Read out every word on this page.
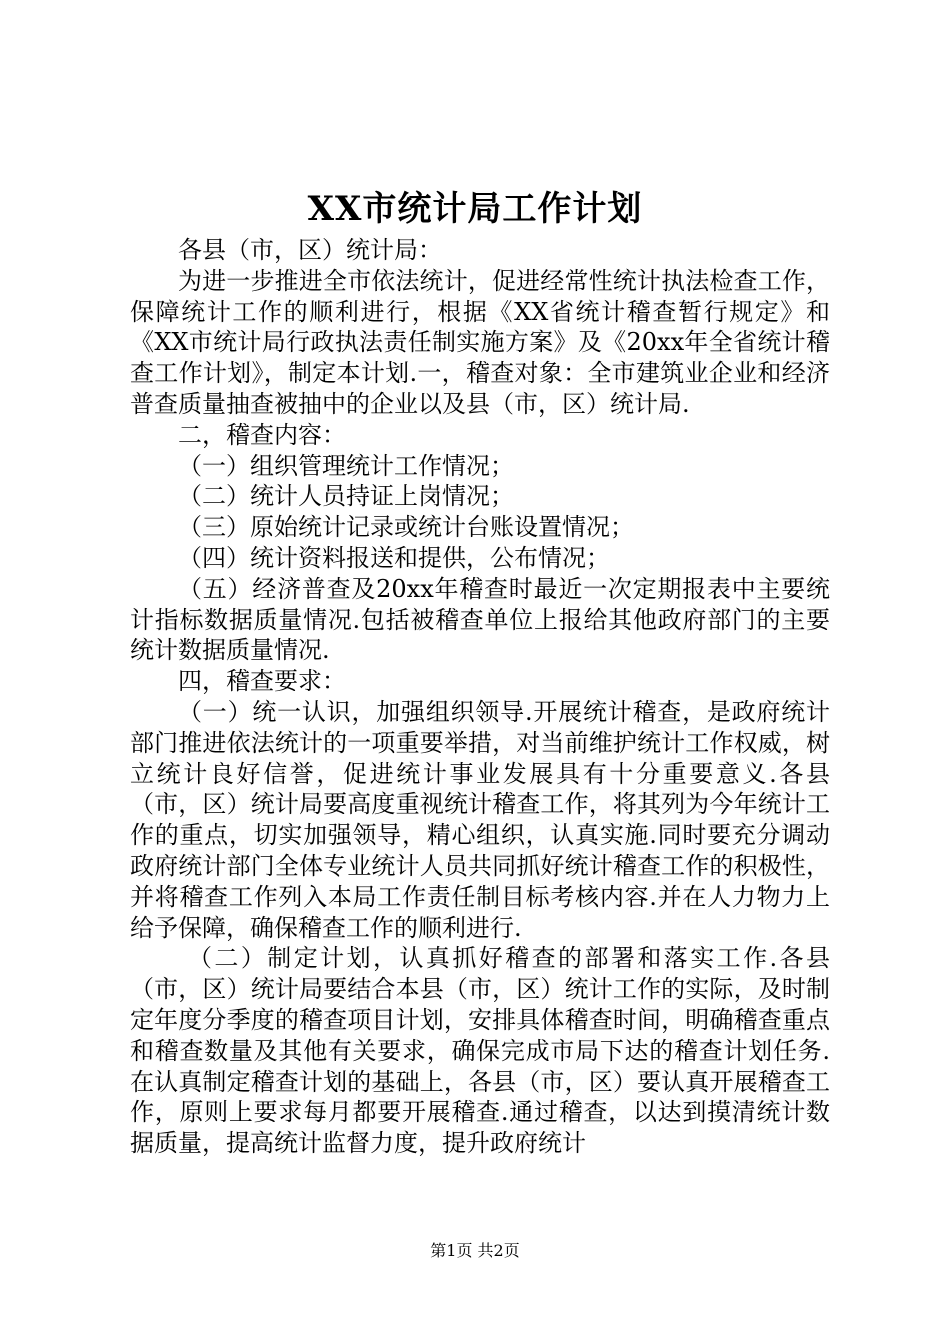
XX市统计局工作计划

各县（市，区）统计局：

为进一步推进全市依法统计，促进经常性统计执法检查工作，保障统计工作的顺利进行，根据《XX省统计稽查暂行规定》和《XX市统计局行政执法责任制实施方案》及《20xx年全省统计稽查工作计划》，制定本计划.一，稽查对象：全市建筑业企业和经济普查质量抽查被抽中的企业以及县（市，区）统计局.

二，稽查内容：

（一）组织管理统计工作情况；

（二）统计人员持证上岗情况；

（三）原始统计记录或统计台账设置情况；

（四）统计资料报送和提供，公布情况；

（五）经济普查及20xx年稽查时最近一次定期报表中主要统计指标数据质量情况.包括被稽查单位上报给其他政府部门的主要统计数据质量情况.

四，稽查要求：

（一）统一认识，加强组织领导.开展统计稽查，是政府统计部门推进依法统计的一项重要举措，对当前维护统计工作权威，树立统计良好信誉，促进统计事业发展具有十分重要意义.各县（市，区）统计局要高度重视统计稽查工作，将其列为今年统计工作的重点，切实加强领导，精心组织，认真实施.同时要充分调动政府统计部门全体专业统计人员共同抓好统计稽查工作的积极性，并将稽查工作列入本局工作责任制目标考核内容.并在人力物力上给予保障，确保稽查工作的顺利进行.

（二）制定计划，认真抓好稽查的部署和落实工作.各县（市，区）统计局要结合本县（市，区）统计工作的实际，及时制定年度分季度的稽查项目计划，安排具体稽查时间，明确稽查重点和稽查数量及其他有关要求，确保完成市局下达的稽查计划任务.在认真制定稽查计划的基础上，各县（市，区）要认真开展稽查工作，原则上要求每月都要开展稽查.通过稽查，以达到摸清统计数据质量，提高统计监督力度，提升政府统计

第1页 共2页
